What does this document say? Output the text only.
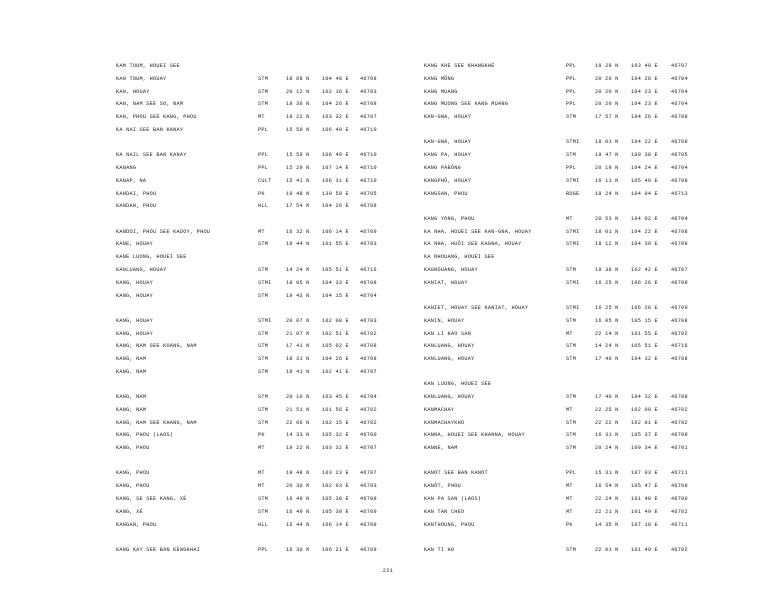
KAM TOUM, HOUEI SEE
KAN TOUM, HOUAY	STM	18 08 N 104 48 E 46708
KAN, HOUAY	STM	20 12 N 102 16 E 46703
KAN, NAM SEE SO, NAM	STM	18 36 N 104 26 E 46708
KAN, PHOU SEE KANG, PHOU	MT	19 22 N 103 32 E 46707
KA NAI SEE BAN KANAY	PPL	15 59 N 106 49 E 46710
KA NAIL SEE BAN KANAY	PPL	15 59 N 106 49 E 46710
KANANG	PPL	15 29 N 107 14 E 46710
KANAP, NA	CULT	15 41 N 106 31 E 46710
KANDAI, PHOU	PK	19 48 N 130 59 E 46705
KANDAN, PHOU	HLL	17 54 N 104 26 E 46708
KANDOI, PHOU SEE KADOY, PHOU	MT	16 32 N 106 14 E 46709
KANE, HOUAY	STM	19 44 N 101 55 E 46703
KANE LUONG, HOUEI SEE
KANLUANG, HOUAY	STM	14 24 N 105 51 E 46716
KANG, HOUAY	STMI	18 05 N 104 33 E 46708
KANG, HOUAY	STM	19 43 N 104 15 E 46704
KANG, HOUAY	STMI	20 07 N 102 08 E 46703
KANG, HOUAY	STM	21 07 N 102 51 E 46702
KANG, NAM SEE KOANG, NAM	STM	17 41 N 105 02 E 46708
KANG, NAM	STM	18 31 N 104 26 E 46708
KANG, NAM	STM	19 41 N 102 41 E 46707
KANG, NAM	STM	20 10 N 103 45 E 46704
KANG, NAM	STM	21 51 N 101 56 E 46702
KANG, NAM SEE KHANG, NAM	STM	22 06 N 102 15 E 46702
KANG, PHOU (LAOS)	PK	14 33 N 105 32 E 46700
KANG, PHOU	MT	19 22 N 103 32 E 46707
KANG, PHOU	MT	19 48 N 103 23 E 46707
KANG, PHOU	MT	20 30 N 102 03 E 46703
KANG, SE SEE KANG, XÉ	STM	16 49 N 105 38 E 46709
KANG, XÉ	STM	16 49 N 105 38 E 46709
KANGAN, PHOU	HLL	16 44 N 106 14 E 46709
KANG KAY SEE BAN KÈNGKHAI	PPL	16 30 N 106 21 E 46709
KANG KHE SEE KHANGKHÉ	PPL	19 29 N 103 40 E	46707
KANG MÔNG	PPL	20 20 N 104 26 E	46704
KANG MUANG	PPL	20 20 N 104 23 E	46704
KANG MUONG SEE KANG MUANG	PPL	20 20 N 104 23 E	46704
KAN-GNA, HOUAY	STM	17 57 N 104 26 E	46708
KAN-GNA, HOUAY	STMI	18 01 N 104 22 E	46708
KANG PA, HOUAY	STM	19 47 N 100 38 E	46705
KANG PABÔNG	PPL	20 19 N 104 24 E	46704
KANGPHÔ, HOUAY	STMI	16 11 N 105 49 E	46709
KANGSAN, PHOU	RDGE	18 24 N 104 04 E	46713
KANG YONG, PHOU	MT	20 53 N 104 02 E	46704
KA NHA, HOUEI SEE KAN-GNA, HOUAY	STMI	18 01 N 104 22 E	46708
KA NHA, HUÔI SEE KAGNA, HOUAY	STMI	18 12 N 104 39 E	46708
KA NHOUANG, HOUEI SEE
KAGNOUANG, HOUAY	STM	19 39 N 102 42 E	46707
KANIAT, HOUAY	STMI	16 25 N 106 26 E	46709
KANIET, HOUAY SEE KANIAT, HOUAY	STMI	16 25 N 106 26 E	46709
KANIN, HOUAY	STM	16 05 N 105 15 E	46708
KAN LI KAO SAN	MT	22 14 N 101 55 E	46702
KANLUANG, HOUAY	STM	14 24 N 105 51 E	46716
KANLUANG, HOUAY	STM	17 40 N 104 32 E	46708
KAN LUONG, HOUEI SEE
KANLUANG, HOUAY	STM	17 40 N 104 32 E	46708
KANMACHAY	MT	22 25 N 102 00 E	46702
KANMACHAYKHO	STM	22 22 N 102 01 E	46702
KANNA, HOUEI SEE KHANNA, HOUAY	STM	16 31 N 105 37 E	46709
KANNE, NAM	STM	20 24 N 100 34 E	46701
KANOT SEE BAN KANOT	PPL	15 31 N 107 03 E	46711
KANÔT, PHOU	MT	16 54 N 105 47 E	46709
KAN PA SAN (LAOS)	MT	22 24 N 101 40 E	46700
KAN TAN CHEO	MT	22 21 N 101 49 E	46702
KANTHOUNG, PHOU	PK	14 35 N 107 10 E	46711
KAN TI HO	STM	22 01 N 101 49 E	46702
221
